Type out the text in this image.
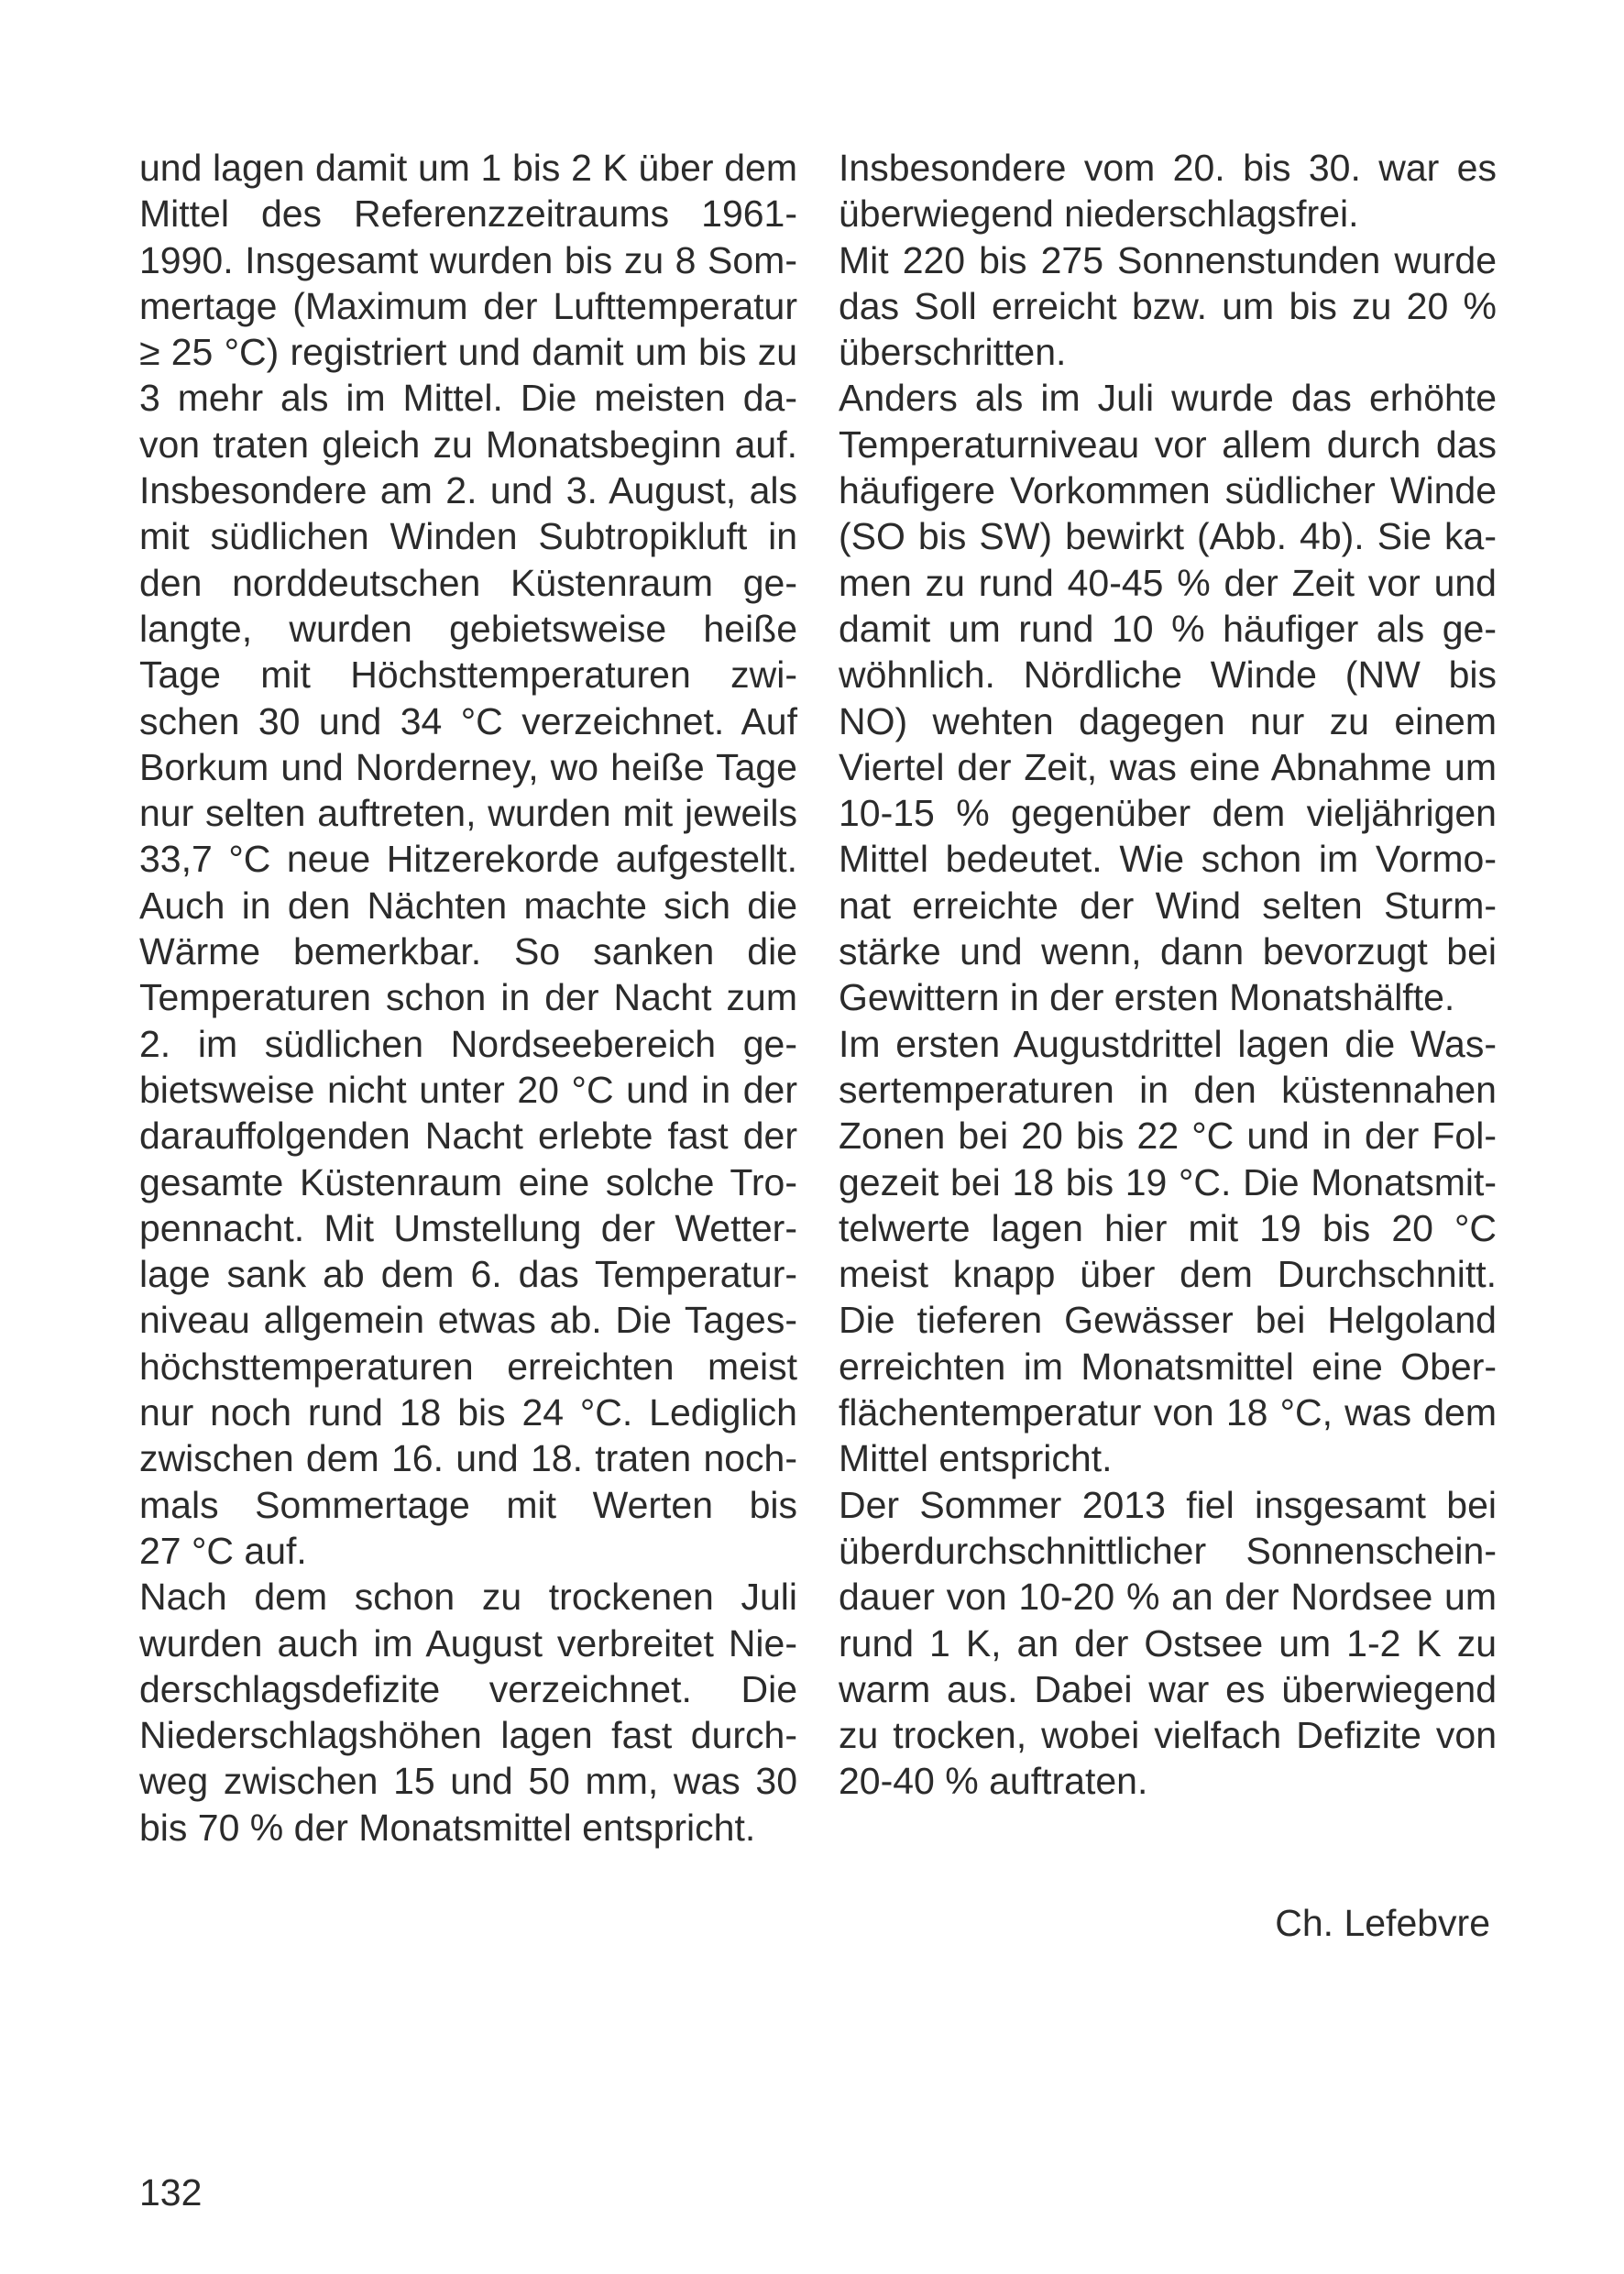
und lagen damit um 1 bis 2 K über dem
Mittel des Referenzzeitraums 1961-
1990. Insgesamt wurden bis zu 8 Som-
mertage (Maximum der Lufttemperatur
≥ 25 °C) registriert und damit um bis zu
3 mehr als im Mittel. Die meisten da-
von traten gleich zu Monatsbeginn auf.
Insbesondere am 2. und 3. August, als
mit südlichen Winden Subtropikluft in
den norddeutschen Küstenraum ge-
langte, wurden gebietsweise heiße
Tage mit Höchsttemperaturen zwi-
schen 30 und 34 °C verzeichnet. Auf
Borkum und Norderney, wo heiße Tage
nur selten auftreten, wurden mit jeweils
33,7 °C neue Hitzerekorde aufgestellt.
Auch in den Nächten machte sich die
Wärme bemerkbar. So sanken die
Temperaturen schon in der Nacht zum
2. im südlichen Nordseebereich ge-
bietsweise nicht unter 20 °C und in der
darauffolgenden Nacht erlebte fast der
gesamte Küstenraum eine solche Tro-
pennacht. Mit Umstellung der Wetter-
lage sank ab dem 6. das Temperatur-
niveau allgemein etwas ab. Die Tages-
höchsttemperaturen erreichten meist
nur noch rund 18 bis 24 °C. Lediglich
zwischen dem 16. und 18. traten noch-
mals Sommertage mit Werten bis
27 °C auf.

Nach dem schon zu trockenen Juli
wurden auch im August verbreitet Nie-
derschlagsdefizite verzeichnet. Die
Niederschlagshöhen lagen fast durch-
weg zwischen 15 und 50 mm, was 30
bis 70 % der Monatsmittel entspricht.

Insbesondere vom 20. bis 30. war es
überwiegend niederschlagsfrei.

Mit 220 bis 275 Sonnenstunden wurde
das Soll erreicht bzw. um bis zu 20 %
überschritten.

Anders als im Juli wurde das erhöhte
Temperaturniveau vor allem durch das
häufigere Vorkommen südlicher Winde
(SO bis SW) bewirkt (Abb. 4b). Sie ka-
men zu rund 40-45 % der Zeit vor und
damit um rund 10 % häufiger als ge-
wöhnlich. Nördliche Winde (NW bis
NO) wehten dagegen nur zu einem
Viertel der Zeit, was eine Abnahme um
10-15 % gegenüber dem vieljährigen
Mittel bedeutet. Wie schon im Vormo-
nat erreichte der Wind selten Sturm-
stärke und wenn, dann bevorzugt bei
Gewittern in der ersten Monatshälfte.

Im ersten Augustdrittel lagen die Was-
sertemperaturen in den küstennahen
Zonen bei 20 bis 22 °C und in der Fol-
gezeit bei 18 bis 19 °C. Die Monatsmit-
telwerte lagen hier mit 19 bis 20 °C
meist knapp über dem Durchschnitt.
Die tieferen Gewässer bei Helgoland
erreichten im Monatsmittel eine Ober-
flächentemperatur von 18 °C, was dem
Mittel entspricht.

Der Sommer 2013 fiel insgesamt bei
überdurchschnittlicher Sonnenschein-
dauer von 10-20 % an der Nordsee um
rund 1 K, an der Ostsee um 1-2 K zu
warm aus. Dabei war es überwiegend
zu trocken, wobei vielfach Defizite von
20-40 % auftraten.

Ch. Lefebvre
132
